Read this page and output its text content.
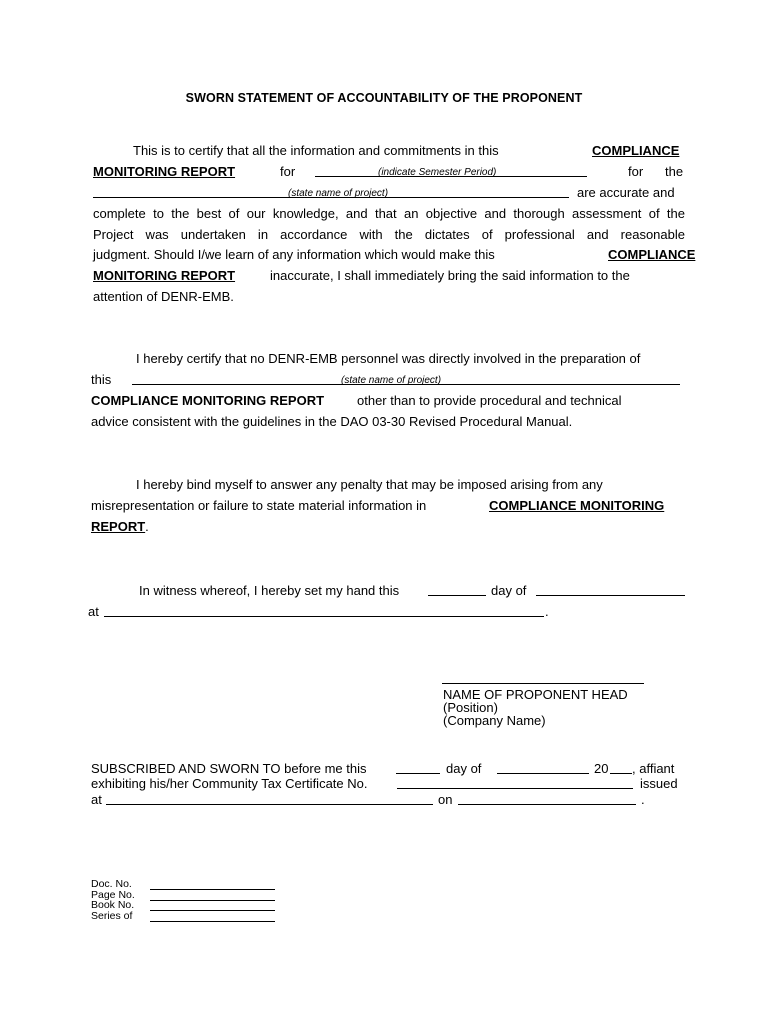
SWORN STATEMENT OF ACCOUNTABILITY OF THE PROPONENT
This is to certify that all the information and commitments in this	COMPLIANCE
MONITORING REPORT	for	(indicate Semester Period)	for the
(state name of project)	are accurate and
complete to the best of our knowledge, and that an objective and thorough assessment of the
Project was undertaken in accordance with the dictates of professional and reasonable
judgment. Should I/we learn of any information which would make this	COMPLIANCE
MONITORING REPORT	inaccurate, I shall immediately bring the said information to the
attention of DENR-EMB.
I hereby certify that no DENR-EMB personnel was directly involved in the preparation of
this	(state name of project)
COMPLIANCE MONITORING REPORT	other than to provide procedural and technical
advice consistent with the guidelines in the DAO 03-30 Revised Procedural Manual.
I hereby bind myself to answer any penalty that may be imposed arising from any
misrepresentation or failure to state material information in	COMPLIANCE MONITORING
REPORT.
In witness whereof, I hereby set my hand this	day of
at	.
NAME OF PROPONENT HEAD
(Position)
(Company Name)
SUBSCRIBED AND SWORN TO before me this	day of	20 , affiant
exhibiting his/her Community Tax Certificate No.	issued
at	on	.
Doc. No.
Page No.
Book No.
Series of
